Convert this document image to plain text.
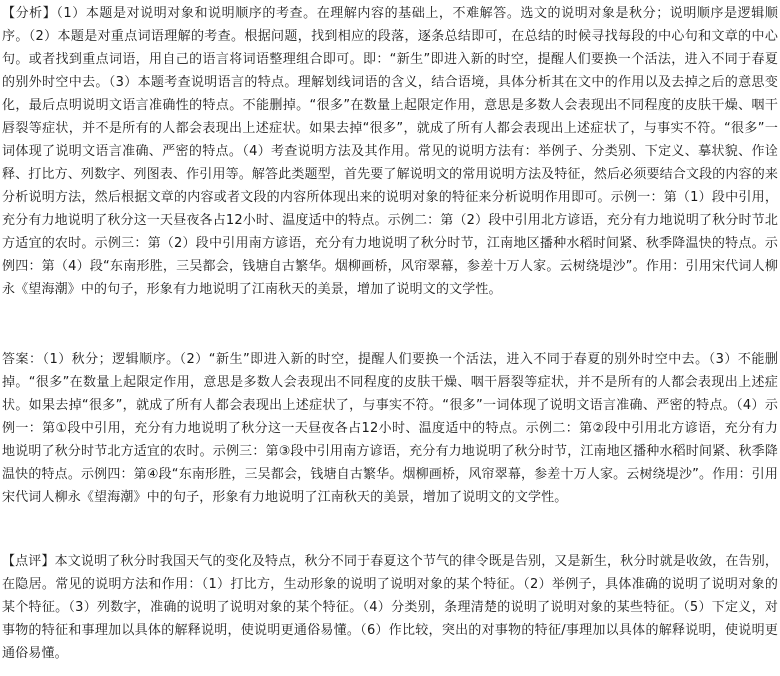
【分析】（1）本题是对说明对象和说明顺序的考查。在理解内容的基础上，不难解答。选文的说明对象是秋分；说明顺序是逻辑顺序。（2）本题是对重点词语理解的考查。根据问题，找到相应的段落，逐条总结即可，在总结的时候寻找每段的中心句和文章的中心句。或者找到重点词语，用自己的语言将词语整理组合即可。即：“新生”即进入新的时空，提醒人们要换一个活法，进入不同于春夏的别外时空中去。（3）本题考查说明语言的特点。理解划线词语的含义，结合语境，具体分析其在文中的作用以及去掉之后的意思变化，最后点明说明文语言准确性的特点。不能删掉。“很多”在数量上起限定作用，意思是多数人会表现出不同程度的皮肤干燥、咽干唇裂等症状，并不是所有的人都会表现出上述症状。如果去掉“很多”，就成了所有人都会表现出上述症状了，与事实不符。“很多”一词体现了说明文语言准确、严密的特点。（4）考查说明方法及其作用。常见的说明方法有：举例子、分类别、下定义、摹状貌、作诠释、打比方、列数字、列图表、作引用等。解答此类题型，首先要了解说明文的常用说明方法及特征，然后必须要结合文段的内容的来分析说明方法，然后根据文章的内容或者文段的内容所体现出来的说明对象的特征来分析说明作用即可。示例一：第（1）段中引用，充分有力地说明了秋分这一天昼夜各占12小时、温度适中的特点。示例二：第（2）段中引用北方谚语，充分有力地说明了秋分时节北方适宜的农时。示例三：第（2）段中引用南方谚语，充分有力地说明了秋分时节，江南地区播种水稻时间紧、秋季降温快的特点。示例四：第（4）段“东南形胜，三吴都会，钱塘自古繁华。烟柳画桥，风帘翠幕，参差十万人家。云树绕堤沙”。作用：引用宋代词人柳永《望海潮》中的句子，形象有力地说明了江南秋天的美景，增加了说明文的文学性。

答案：（1）秋分；逻辑顺序。（2）“新生”即进入新的时空，提醒人们要换一个活法，进入不同于春夏的别外时空中去。（3）不能删掉。“很多”在数量上起限定作用，意思是多数人会表现出不同程度的皮肤干燥、咽干唇裂等症状，并不是所有的人都会表现出上述症状。如果去掉“很多”，就成了所有人都会表现出上述症状了，与事实不符。“很多”一词体现了说明文语言准确、严密的特点。（4）示例一：第①段中引用，充分有力地说明了秋分这一天昼夜各占12小时、温度适中的特点。示例二：第②段中引用北方谚语，充分有力地说明了秋分时节北方适宜的农时。示例三：第③段中引用南方谚语，充分有力地说明了秋分时节，江南地区播种水稻时间紧、秋季降温快的特点。示例四：第④段“东南形胜，三吴都会，钱塘自古繁华。烟柳画桥，风帘翠幕，参差十万人家。云树绕堤沙”。作用：引用宋代词人柳永《望海潮》中的句子，形象有力地说明了江南秋天的美景，增加了说明文的文学性。

【点评】本文说明了秋分时我国天气的变化及特点，秋分不同于春夏这个节气的律令既是告别，又是新生，秋分时就是收敛，在告别，在隐居。常见的说明方法和作用：（1）打比方，生动形象的说明了说明对象的某个特征。（2）举例子，具体准确的说明了说明对象的某个特征。（3）列数字，准确的说明了说明对象的某个特征。（4）分类别，条理清楚的说明了说明对象的某些特征。（5）下定义，对事物的特征和事理加以具体的解释说明，使说明更通俗易懂。（6）作比较，突出的对事物的特征/事理加以具体的解释说明，使说明更通俗易懂。
